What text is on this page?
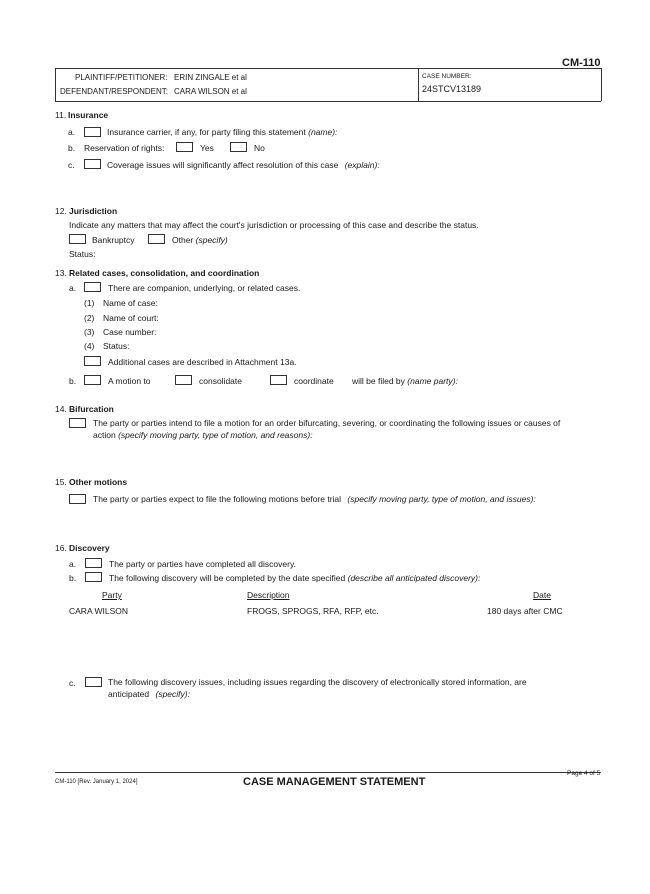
CM-110
PLAINTIFF/PETITIONER: ERIN ZINGALE et al
DEFENDANT/RESPONDENT: CARA WILSON et al
CASE NUMBER:
24STCV13189
11. Insurance
a.	Insurance carrier, if any, for party filing this statement (name):
b. Reservation of rights:	Yes	No
c.	Coverage issues will significantly affect resolution of this case (explain):
12. Jurisdiction
Indicate any matters that may affect the court's jurisdiction or processing of this case and describe the status.
Bankruptcy	Other (specify)
Status:
13. Related cases, consolidation, and coordination
a.	There are companion, underlying, or related cases.
(1) Name of case:
(2) Name of court:
(3) Case number:
(4) Status:
Additional cases are described in Attachment 13a.
b.	A motion to	consolidate	coordinate will be filed by (name party):
14. Bifurcation
The party or parties intend to file a motion for an order bifurcating, severing, or coordinating the following issues or causes of
action (specify moving party, type of motion, and reasons):
15. Other motions
The party or parties expect to file the following motions before trial (specify moving party, type of motion, and issues):
16. Discovery
a.	The party or parties have completed all discovery.
b.	The following discovery will be completed by the date specified (describe all anticipated discovery):
Party	Description	Date
CARA WILSON	FROGS, SPROGS, RFA, RFP, etc.	180 days after CMC
c.	The following discovery issues, including issues regarding the discovery of electronically stored information, are
anticipated (specify):
CM-110 [Rev. January 1, 2024]	CASE MANAGEMENT STATEMENT
Page 4 of 5
